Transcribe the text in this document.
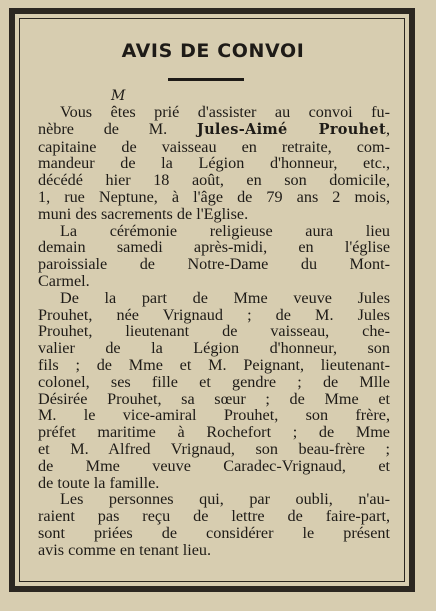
AVIS DE CONVOI
M
Vous êtes prié d'assister au convoi fu-
nèbre de M. Jules-Aimé Prouhet,
capitaine de vaisseau en retraite, com-
mandeur de la Légion d'honneur, etc.,
décédé hier 18 août, en son domicile,
1, rue Neptune, à l'âge de 79 ans 2 mois,
muni des sacrements de l'Eglise.
La cérémonie religieuse aura lieu
demain samedi après-midi, en l'église
paroissiale de Notre-Dame du Mont-
Carmel.
De la part de Mme veuve Jules
Prouhet, née Vrignaud ; de M. Jules
Prouhet, lieutenant de vaisseau, che-
valier de la Légion d'honneur, son
fils ; de Mme et M. Peignant, lieutenant-
colonel, ses fille et gendre ; de Mlle
Désirée Prouhet, sa sœur ; de Mme et
M. le vice-amiral Prouhet, son frère,
préfet maritime à Rochefort ; de Mme
et M. Alfred Vrignaud, son beau-frère ;
de Mme veuve Caradec-Vrignaud, et
de toute la famille.
Les personnes qui, par oubli, n'au-
raient pas reçu de lettre de faire-part,
sont priées de considérer le présent
avis comme en tenant lieu.
